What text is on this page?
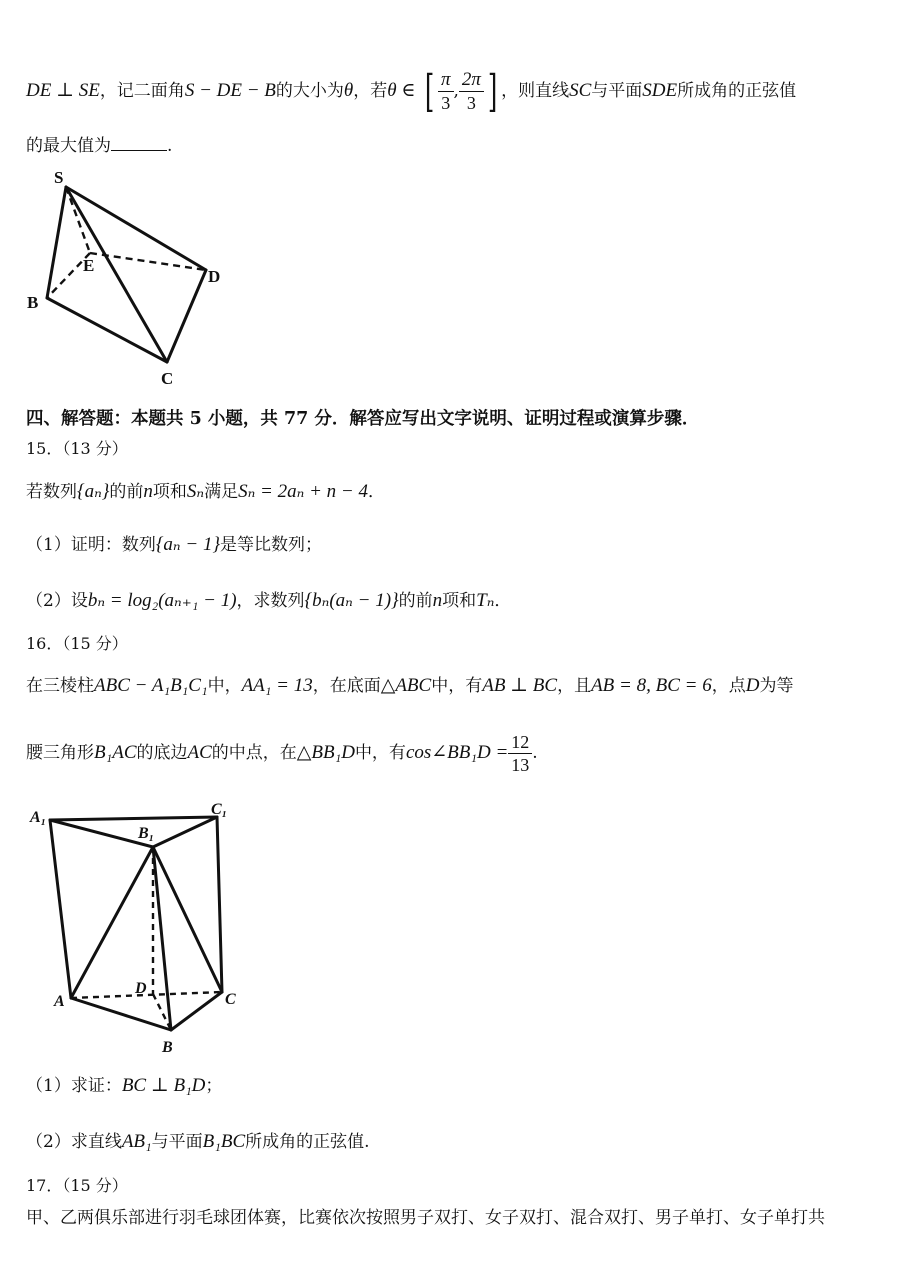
DE ⊥ SE，记二面角S − DE − B的大小为θ，若θ ∈ [ $\frac{\pi}{3}$ , $\frac{2\pi}{3}$ ] ，则直线SC与平面SDE所成角的正弦值
的最大值为	.
S
E
D
B
C
四、解答题：本题共 5 小题，共 77 分．解答应写出文字说明、证明过程或演算步骤．
15．（13 分）
若数列{aₙ}的前n项和Sₙ满足Sₙ = 2aₙ + n − 4．
（1）证明：数列{aₙ − 1}是等比数列；
（2）设bₙ = log₂(aₙ₊₁ − 1)，求数列{bₙ(aₙ − 1)}的前n项和Tₙ．
16．（15 分）
在三棱柱ABC − A₁B₁C₁中，AA₁ = 13，在底面△ABC中，有AB ⊥ BC，且AB = 8, BC = 6，点D为等
腰三角形B₁AC的底边AC的中点，在△BB₁D中，有cos∠BB₁D = $\frac{12}{13}$ .
A₁	C₁
B₁
D
A	C
B
（1）求证：BC ⊥ B₁D；
（2）求直线AB₁与平面B₁BC所成角的正弦值.
17．（15 分）
甲、乙两俱乐部进行羽毛球团体赛，比赛依次按照男子双打、女子双打、混合双打、男子单打、女子单打共
